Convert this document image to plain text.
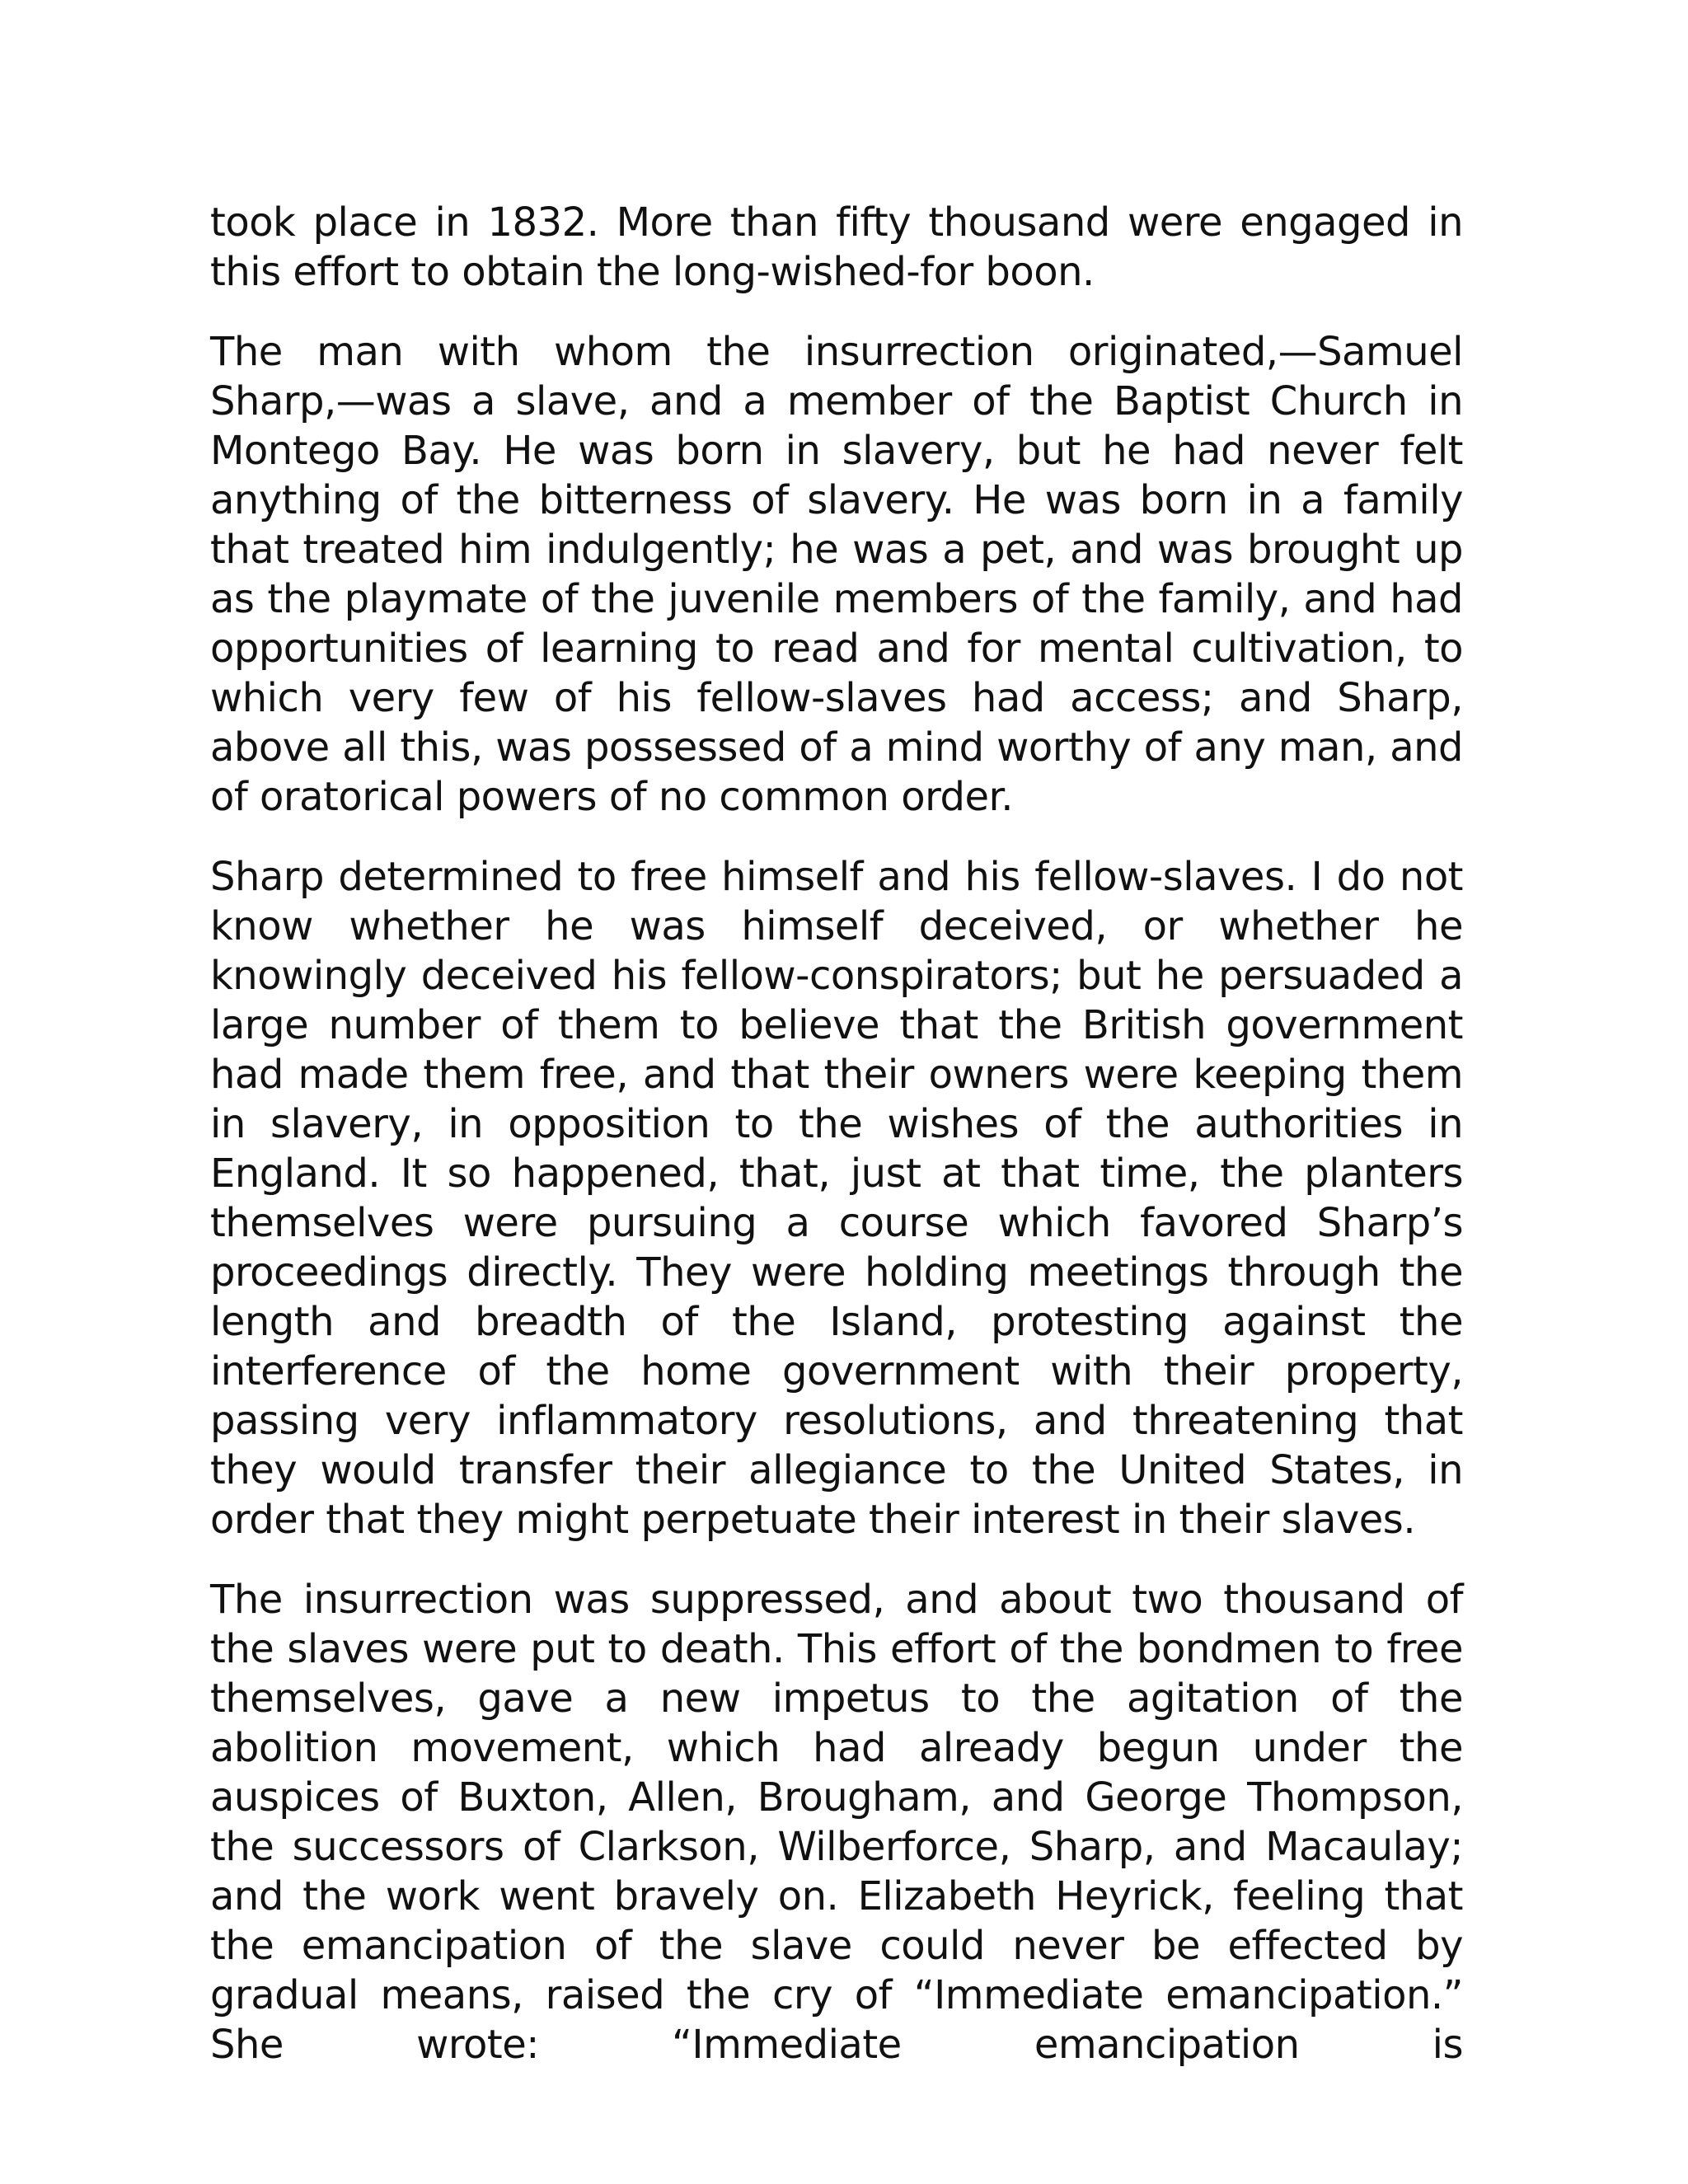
took place in 1832. More than fifty thousand were engaged in this effort to obtain the long-wished-for boon.

The man with whom the insurrection originated,—Samuel Sharp,—was a slave, and a member of the Baptist Church in Montego Bay. He was born in slavery, but he had never felt anything of the bitterness of slavery. He was born in a family that treated him indulgently; he was a pet, and was brought up as the playmate of the juvenile members of the family, and had opportunities of learning to read and for mental cultivation, to which very few of his fellow-slaves had access; and Sharp, above all this, was possessed of a mind worthy of any man, and of oratorical powers of no common order.

Sharp determined to free himself and his fellow-slaves. I do not know whether he was himself deceived, or whether he knowingly deceived his fellow-conspirators; but he persuaded a large number of them to believe that the British government had made them free, and that their owners were keeping them in slavery, in opposition to the wishes of the authorities in England. It so happened, that, just at that time, the planters themselves were pursuing a course which favored Sharp’s proceedings directly. They were holding meetings through the length and breadth of the Island, protesting against the interference of the home government with their property, passing very inflammatory resolutions, and threatening that they would transfer their allegiance to the United States, in order that they might perpetuate their interest in their slaves.

The insurrection was suppressed, and about two thousand of the slaves were put to death. This effort of the bondmen to free themselves, gave a new impetus to the agitation of the abolition movement, which had already begun under the auspices of Buxton, Allen, Brougham, and George Thompson, the successors of Clarkson, Wilberforce, Sharp, and Macaulay; and the work went bravely on. Elizabeth Heyrick, feeling that the emancipation of the slave could never be effected by gradual means, raised the cry of “Immediate emancipation.” She wrote: “Immediate emancipation is
